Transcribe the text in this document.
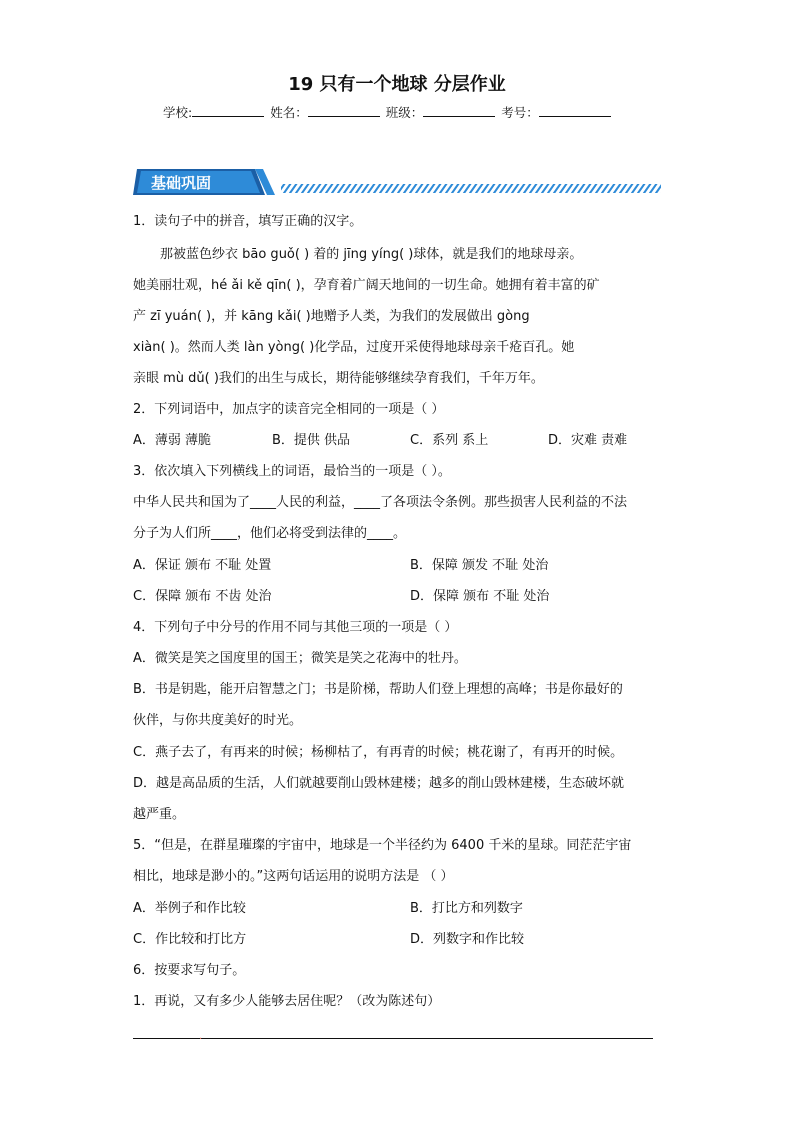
19 只有一个地球 分层作业
学校:	姓名：	班级：	考号：
基础巩固
1．读句子中的拼音，填写正确的汉字。
那被蓝色纱衣 bāo guǒ( ) 着的 jīng yíng( )球体，就是我们的地球母亲。
她美丽壮观，hé ǎi kě qīn( )，孕育着广阔天地间的一切生命。她拥有着丰富的矿
产 zī yuán( )，并 kāng kǎi( )地赠予人类，为我们的发展做出 gòng
xiàn( )。然而人类 làn yòng( )化学品，过度开采使得地球母亲千疮百孔。她
亲眼 mù dǔ( )我们的出生与成长，期待能够继续孕育我们，千年万年。
2．下列词语中，加点字的读音完全相同的一项是（ ）
A．薄弱 薄脆	B．提供 供品	C．系列 系上	D．灾难 责难
3．依次填入下列横线上的词语，最恰当的一项是（ ）。
中华人民共和国为了____人民的利益，____了各项法令条例。那些损害人民利益的不法
分子为人们所____，他们必将受到法律的____。
A．保证 颁布 不耻 处置	B．保障 颁发 不耻 处治
C．保障 颁布 不齿 处治	D．保障 颁布 不耻 处治
4．下列句子中分号的作用不同与其他三项的一项是（ ）
A．微笑是笑之国度里的国王；微笑是笑之花海中的牡丹。
B．书是钥匙，能开启智慧之门；书是阶梯，帮助人们登上理想的高峰；书是你最好的
伙伴，与你共度美好的时光。
C．燕子去了，有再来的时候；杨柳枯了，有再青的时候；桃花谢了，有再开的时候。
D．越是高品质的生活，人们就越要削山毁林建楼；越多的削山毁林建楼，生态破坏就
越严重。
5．“但是，在群星璀璨的宇宙中，地球是一个半径约为 6400 千米的星球。同茫茫宇宙
相比，地球是渺小的。”这两句话运用的说明方法是 （ ）
A．举例子和作比较	B．打比方和列数字
C．作比较和打比方	D．列数字和作比较
6．按要求写句子。
1．再说，又有多少人能够去居住呢？（改为陈述句）
·
